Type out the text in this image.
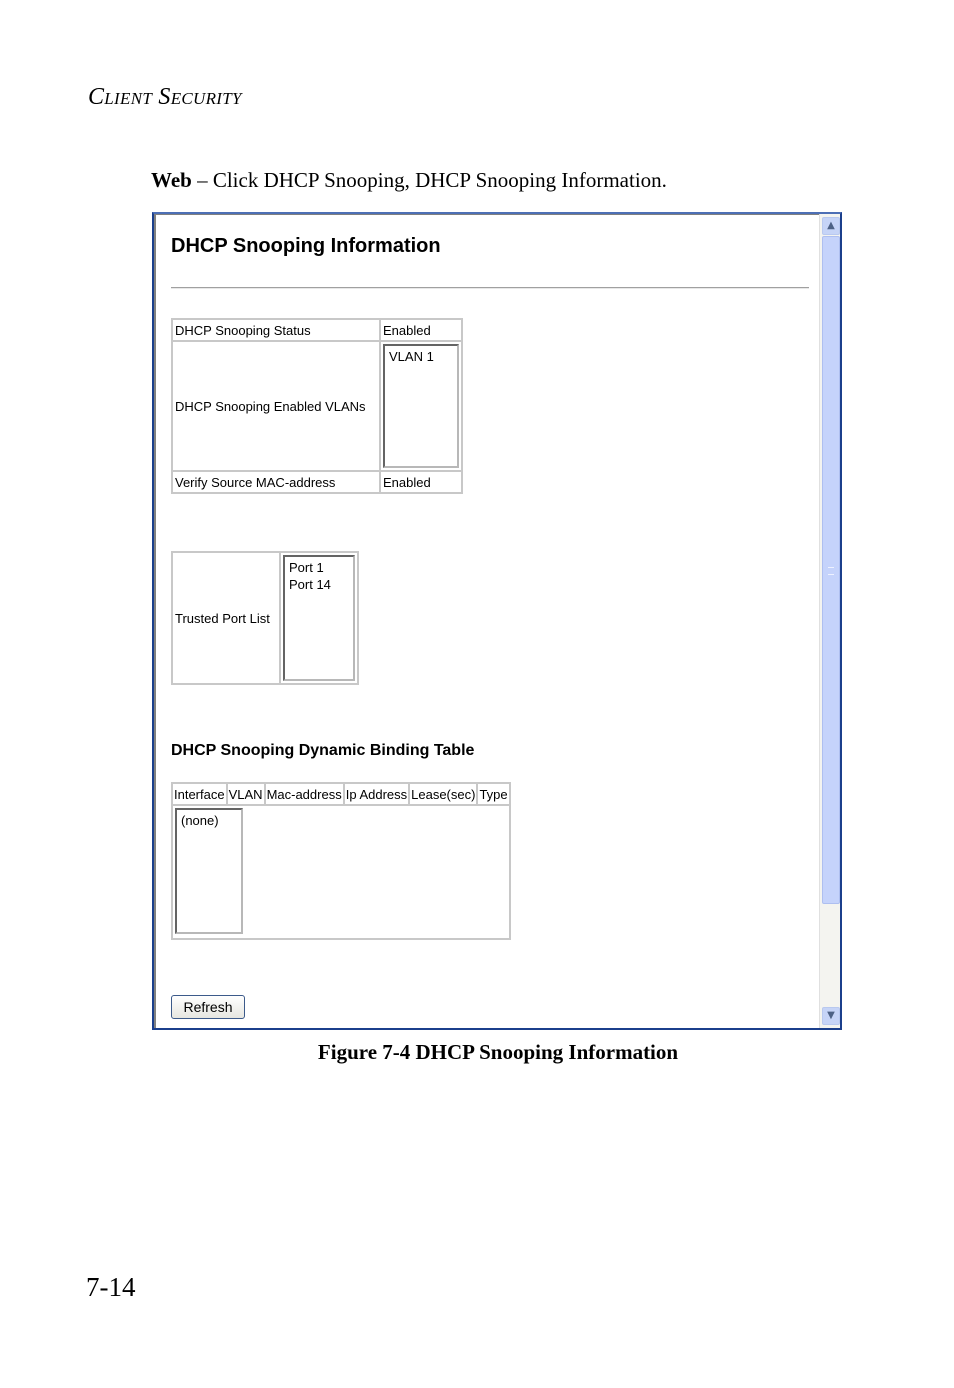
Client Security
Web – Click DHCP Snooping, DHCP Snooping Information.
DHCP Snooping Information
DHCP Snooping Status	Enabled
DHCP Snooping Enabled VLANs	VLAN 1

Verify Source MAC-address	Enabled
Trusted Port List	
Port 1
Port 14
DHCP Snooping Dynamic Binding Table
Interface	VLAN	Mac-address	Ip Address	Lease(sec)	Type

(none)
Refresh
▲
▼
Figure 7-4 DHCP Snooping Information
7-14
